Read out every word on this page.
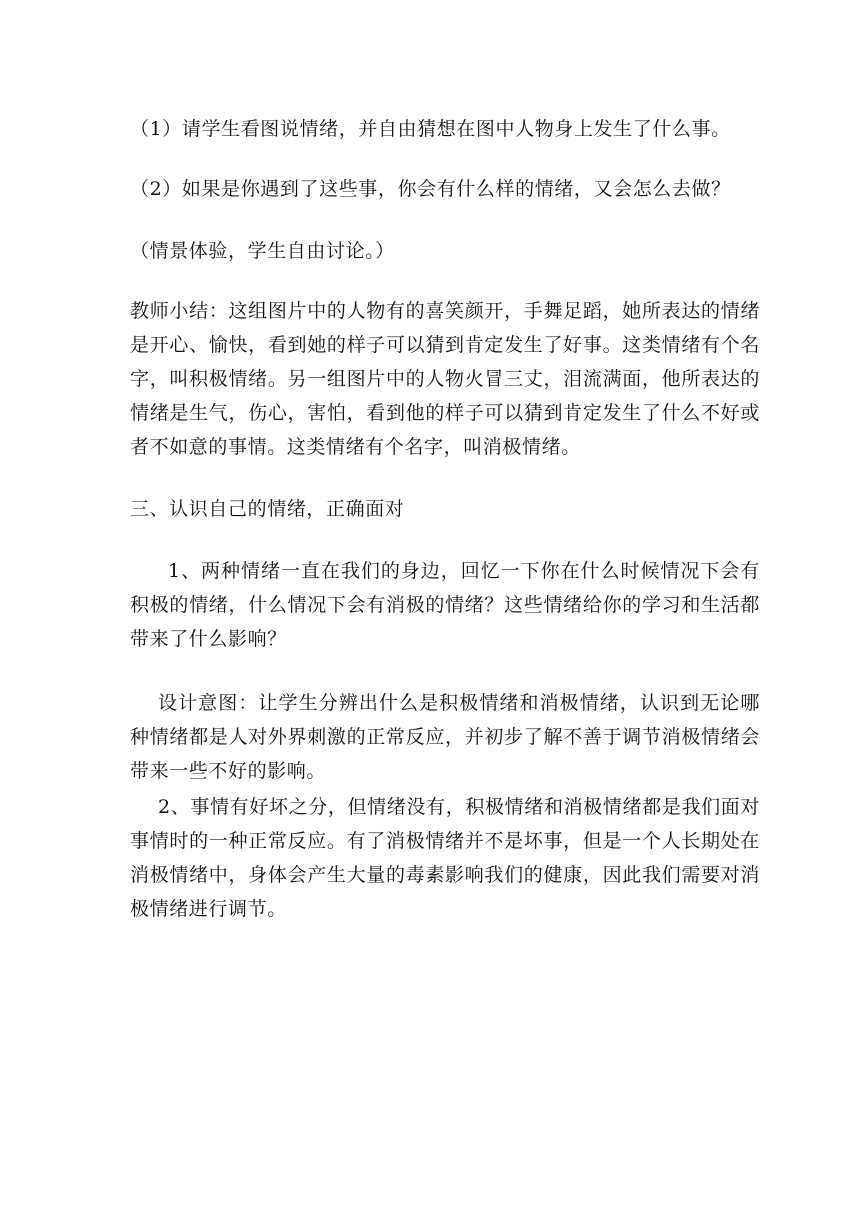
（1）请学生看图说情绪，并自由猜想在图中人物身上发生了什么事。

（2）如果是你遇到了这些事，你会有什么样的情绪，又会怎么去做？

（情景体验，学生自由讨论。）

教师小结：这组图片中的人物有的喜笑颜开，手舞足蹈，她所表达的情绪是开心、愉快，看到她的样子可以猜到肯定发生了好事。这类情绪有个名字，叫积极情绪。另一组图片中的人物火冒三丈，泪流满面，他所表达的情绪是生气，伤心，害怕，看到他的样子可以猜到肯定发生了什么不好或者不如意的事情。这类情绪有个名字，叫消极情绪。

三、认识自己的情绪，正确面对

1、两种情绪一直在我们的身边，回忆一下你在什么时候情况下会有积极的情绪，什么情况下会有消极的情绪？这些情绪给你的学习和生活都带来了什么影响？

设计意图：让学生分辨出什么是积极情绪和消极情绪，认识到无论哪种情绪都是人对外界刺激的正常反应，并初步了解不善于调节消极情绪会带来一些不好的影响。

2、事情有好坏之分，但情绪没有，积极情绪和消极情绪都是我们面对事情时的一种正常反应。有了消极情绪并不是坏事，但是一个人长期处在消极情绪中，身体会产生大量的毒素影响我们的健康，因此我们需要对消极情绪进行调节。
